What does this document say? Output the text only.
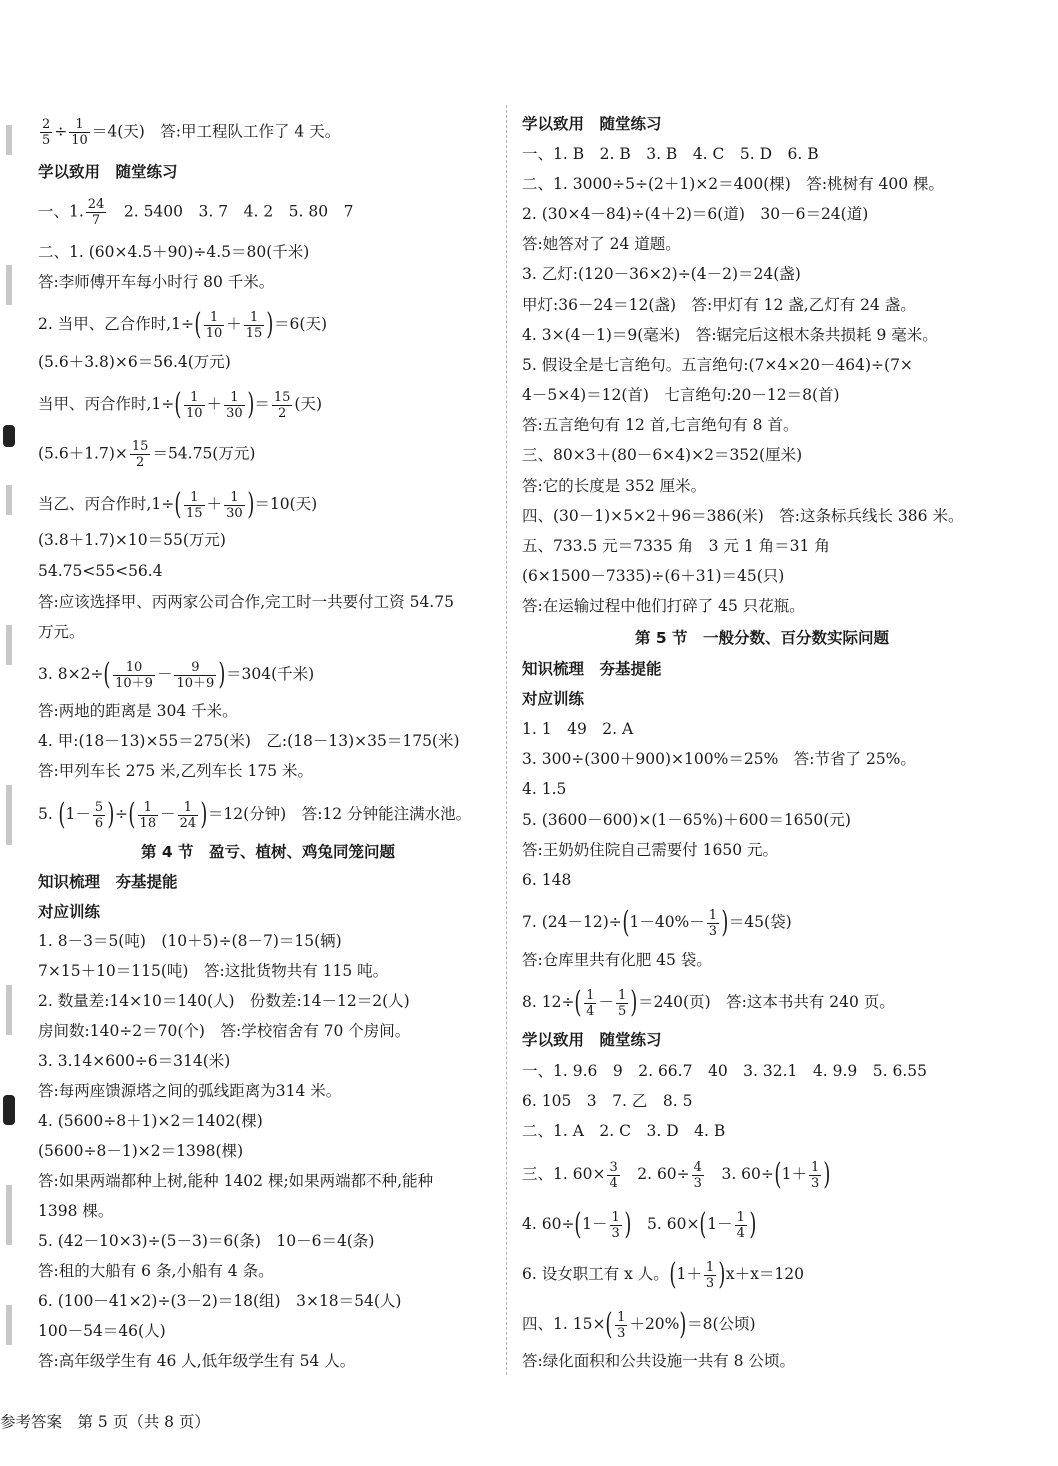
$\frac{2}{5} \div \frac{1}{10} =4$(天)　答:甲工程队工作了 4 天。
学以致用　随堂练习
一、1. $\frac{24}{7}$
　 2. 5400　3. 7　4. 2　5. 80　7
二、1. (60×4.5＋90)÷4.5＝80(千米)
答:李师傅开车每小时行 80 千米。
2. 当甲、乙合作时$,1\div( \frac{1}{10} + \frac{1}{15} )=6$(天)
(5.6＋3.8)×6＝56.4(万元)
当甲、丙合作时$,1\div( \frac{1}{10} + \frac{1}{30}$ )＝ $\frac{15}{2}$ (天)
$(5.6+1.7)\times \frac{15}{2} =54.75$(万元)
当乙、丙合作时$,1\div( \frac{1}{15} + \frac{1}{30} )=10$(天)
(3.8＋1.7)×10＝55(万元)
54.75<55<56.4
答:应该选择甲、丙两家公司合作,完工时一共要付工资 54.75
万元。
3. $8\times 2\div( \frac{10}{10+9} - \frac{9}{10+9} )=304$(千米)
答:两地的距离是 304 千米。
4. 甲:(18－13)×55＝275(米)　乙:(18－13)×35＝175(米)
答:甲列车长 275 米,乙列车长 175 米。
5. ($1- \frac{5}{6}$ )÷( $\frac{1}{18} - \frac{1}{24} )=12$(分钟)　答:12 分钟能注满水池。
第 4 节　盈亏、植树、鸡兔同笼问题
知识梳理　夯基提能
对应训练
1. 8－3＝5(吨)　(10＋5)÷(8－7)＝15(辆)
7×15＋10＝115(吨)　答:这批货物共有 115 吨。
2. 数量差:14×10＝140(人)　份数差:14－12＝2(人)
房间数:140÷2＝70(个)　答:学校宿舍有 70 个房间。
3. 3.14×600÷6＝314(米)
答:每两座馈源塔之间的弧线距离为314 米。
4. (5600÷8＋1)×2＝1402(棵)
(5600÷8－1)×2＝1398(棵)
答:如果两端都种上树,能种 1402 棵;如果两端都不种,能种
1398 棵。
5. (42－10×3)÷(5－3)＝6(条)　10－6＝4(条)
答:租的大船有 6 条,小船有 4 条。
6. (100－41×2)÷(3－2)＝18(组)　3×18＝54(人)
100－54＝46(人)
答:高年级学生有 46 人,低年级学生有 54 人。
学以致用　随堂练习
一、1. B　2. B　3. B　4. C　5. D　6. B
二、1. 3000÷5÷(2＋1)×2＝400(棵)　答:桃树有 400 棵。
2. (30×4－84)÷(4＋2)＝6(道)　30－6＝24(道)
答:她答对了 24 道题。
3. 乙灯:(120－36×2)÷(4－2)＝24(盏)
甲灯:36－24＝12(盏)　答:甲灯有 12 盏,乙灯有 24 盏。
4. 3×(4－1)＝9(毫米)　答:锯完后这根木条共损耗 9 毫米。
5. 假设全是七言绝句。五言绝句:(7×4×20－464)÷(7×
4－5×4)＝12(首)　七言绝句:20－12＝8(首)
答:五言绝句有 12 首,七言绝句有 8 首。
三、80×3＋(80－6×4)×2＝352(厘米)
答:它的长度是 352 厘米。
四、(30－1)×5×2＋96＝386(米)　答:这条标兵线长 386 米。
五、733.5 元＝7335 角　3 元 1 角＝31 角
(6×1500－7335)÷(6＋31)＝45(只)
答:在运输过程中他们打碎了 45 只花瓶。
第 5 节　一般分数、百分数实际问题
知识梳理　夯基提能
对应训练
1. 1　49　2. A
3. 300÷(300＋900)×100%＝25%　答:节省了 25%。
4. 1.5
5. (3600－600)×(1－65%)＋600＝1650(元)
答:王奶奶住院自己需要付 1650 元。
6. 148
7. $(24-12)\div(1-40\%- \frac{1}{3} )=45$(袋)
答:仓库里共有化肥 45 袋。
8. $12\div( \frac{1}{4} - \frac{1}{5} )=240$(页)　答:这本书共有 240 页。
学以致用　随堂练习
一、1. 9.6　9　2. 66.7　40　3. 32.1　4. 9.9　5. 6.55
6. 105　3　7. 乙　8. 5
二、1. A　2. C　3. D　4. B
三、1. $60\times \frac{3}{4}$
　 2. $60\div \frac{4}{3}$
　 3. $60\div(1+ \frac{1}{3}$ )
4. $60\div(1- \frac{1}{3}$ )　 5. $60\times(1- \frac{1}{4}$ )
6. 设女职工有 x 人。$(1+ \frac{1}{3} )x+x=120$
四、1. $15\times( \frac{1}{3} +20\%)=8$(公顷)
答:绿化面积和公共设施一共有 8 公顷。
参考答案　第 5 页（共 8 页）
